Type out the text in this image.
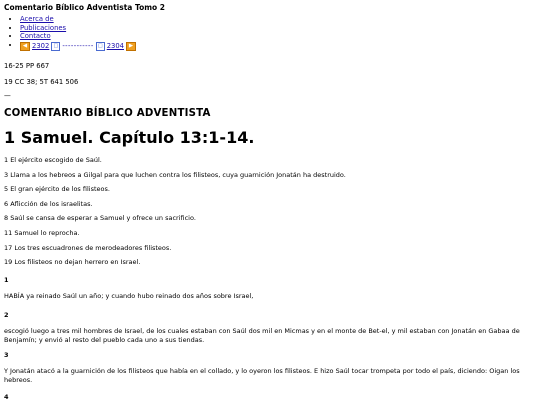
Comentario Bíblico Adventista Tomo 2
• Acerca de
• Publicaciones
• Contacto
• ◀ 2302 □ ----------- □ 2304 ▶
16-25 PP 667
19 CC 38; 5T 641 506
—
COMENTARIO BÍBLICO ADVENTISTA
1 Samuel. Capítulo 13:1-14.
1 El ejército escogido de Saúl.
3 Llama a los hebreos a Gilgal para que luchen contra los filisteos, cuya guarnición Jonatán ha destruido.
5 El gran ejército de los filisteos.
6 Aflicción de los israelitas.
8 Saúl se cansa de esperar a Samuel y ofrece un sacrificio.
11 Samuel lo reprocha.
17 Los tres escuadrones de merodeadores filisteos.
19 Los filisteos no dejan herrero en Israel.
1
HABÍA ya reinado Saúl un año; y cuando hubo reinado dos años sobre Israel,
2
escogió luego a tres mil hombres de Israel, de los cuales estaban con Saúl dos mil en Micmas y en el monte de Bet-el, y mil estaban con Jonatán en Gabaa de Benjamín; y envió al resto del pueblo cada uno a sus tiendas.
3
Y Jonatán atacó a la guarnición de los filisteos que había en el collado, y lo oyeron los filisteos. E hizo Saúl tocar trompeta por todo el país, diciendo: Oigan los hebreos.
4
